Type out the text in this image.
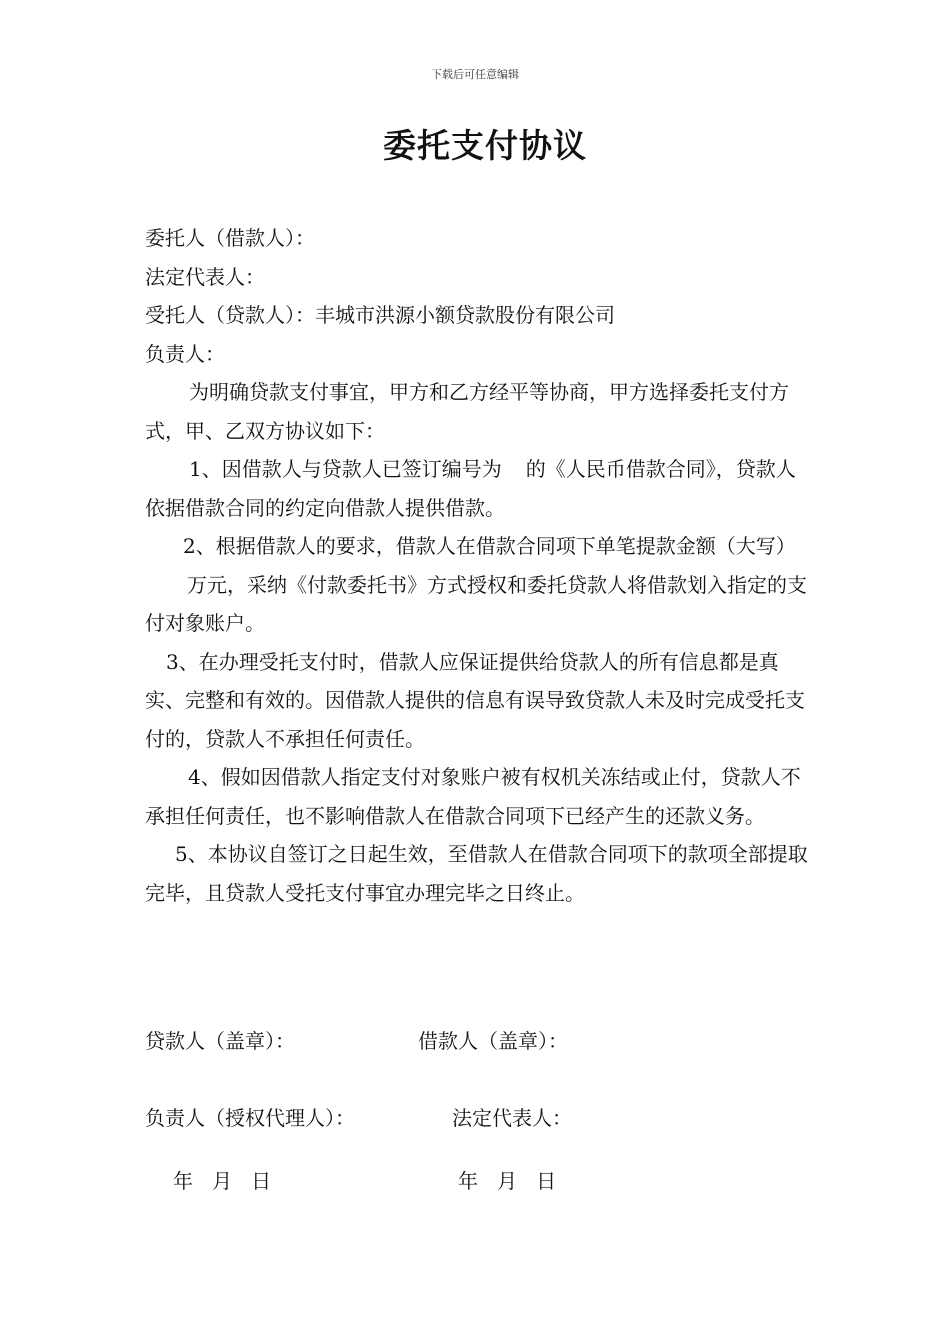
下载后可任意编辑
委托支付协议

委托人（借款人）：

法定代表人：

受托人（贷款人）：丰城市洪源小额贷款股份有限公司

负责人：

为明确贷款支付事宜，甲方和乙方经平等协商，甲方选择委托支付方式，甲、乙双方协议如下：

1、因借款人与贷款人已签订编号为 的《人民币借款合同》，贷款人依据借款合同的约定向借款人提供借款。

2、根据借款人的要求，借款人在借款合同项下单笔提款金额（大写）万元，采纳《付款委托书》方式授权和委托贷款人将借款划入指定的支付对象账户。

3、在办理受托支付时，借款人应保证提供给贷款人的所有信息都是真实、完整和有效的。因借款人提供的信息有误导致贷款人未及时完成受托支付的，贷款人不承担任何责任。

4、假如因借款人指定支付对象账户被有权机关冻结或止付，贷款人不承担任何责任，也不影响借款人在借款合同项下已经产生的还款义务。

5、本协议自签订之日起生效，至借款人在借款合同项下的款项全部提取完毕，且贷款人受托支付事宜办理完毕之日终止。

贷款人（盖章）：	借款人（盖章）：
负责人（授权代理人）：	法定代表人：
年   月   日	年   月   日
